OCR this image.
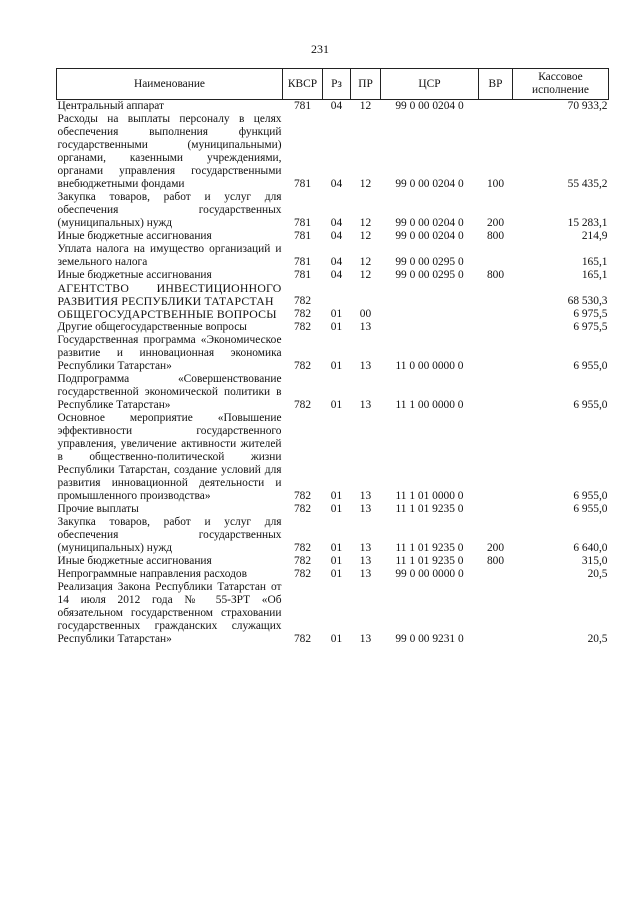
231
Наименование	КВСР	Рз	ПР	ЦСР	ВР	Кассовое исполнение
Центральный аппарат	781	04	12	99 0 00 0204 0		70 933,2
Расходы на выплаты персоналу в целях обеспечения выполнения функций государственными (муниципальными) органами, казенными учреждениями, органами управления государственными внебюджетными фондами	781	04	12	99 0 00 0204 0	100	55 435,2
Закупка товаров, работ и услуг для обеспечения государственных (муниципальных) нужд	781	04	12	99 0 00 0204 0	200	15 283,1
Иные бюджетные ассигнования	781	04	12	99 0 00 0204 0	800	214,9
Уплата налога на имущество организаций и земельного налога	781	04	12	99 0 00 0295 0		165,1
Иные бюджетные ассигнования	781	04	12	99 0 00 0295 0	800	165,1
АГЕНТСТВО ИНВЕСТИЦИОННОГО РАЗВИТИЯ РЕСПУБЛИКИ ТАТАРСТАН	782					68 530,3
ОБЩЕГОСУДАРСТВЕННЫЕ ВОПРОСЫ	782	01	00			6 975,5
Другие общегосударственные вопросы	782	01	13			6 975,5
Государственная программа «Экономическое развитие и инновационная экономика Республики Татарстан»	782	01	13	11 0 00 0000 0		6 955,0
Подпрограмма «Совершенствование государственной экономической политики в Республике Татарстан»	782	01	13	11 1 00 0000 0		6 955,0
Основное мероприятие «Повышение эффективности государственного управления, увеличение активности жителей в общественно-политической жизни Республики Татарстан, создание условий для развития инновационной деятельности и промышленного производства»	782	01	13	11 1 01 0000 0		6 955,0
Прочие выплаты	782	01	13	11 1 01 9235 0		6 955,0
Закупка товаров, работ и услуг для обеспечения государственных (муниципальных) нужд	782	01	13	11 1 01 9235 0	200	6 640,0
Иные бюджетные ассигнования	782	01	13	11 1 01 9235 0	800	315,0
Непрограммные направления расходов	782	01	13	99 0 00 0000 0		20,5
Реализация Закона Республики Татарстан от 14 июля 2012 года № 55-ЗРТ «Об обязательном государственном страховании государственных гражданских служащих Республики Татарстан»	782	01	13	99 0 00 9231 0		20,5
